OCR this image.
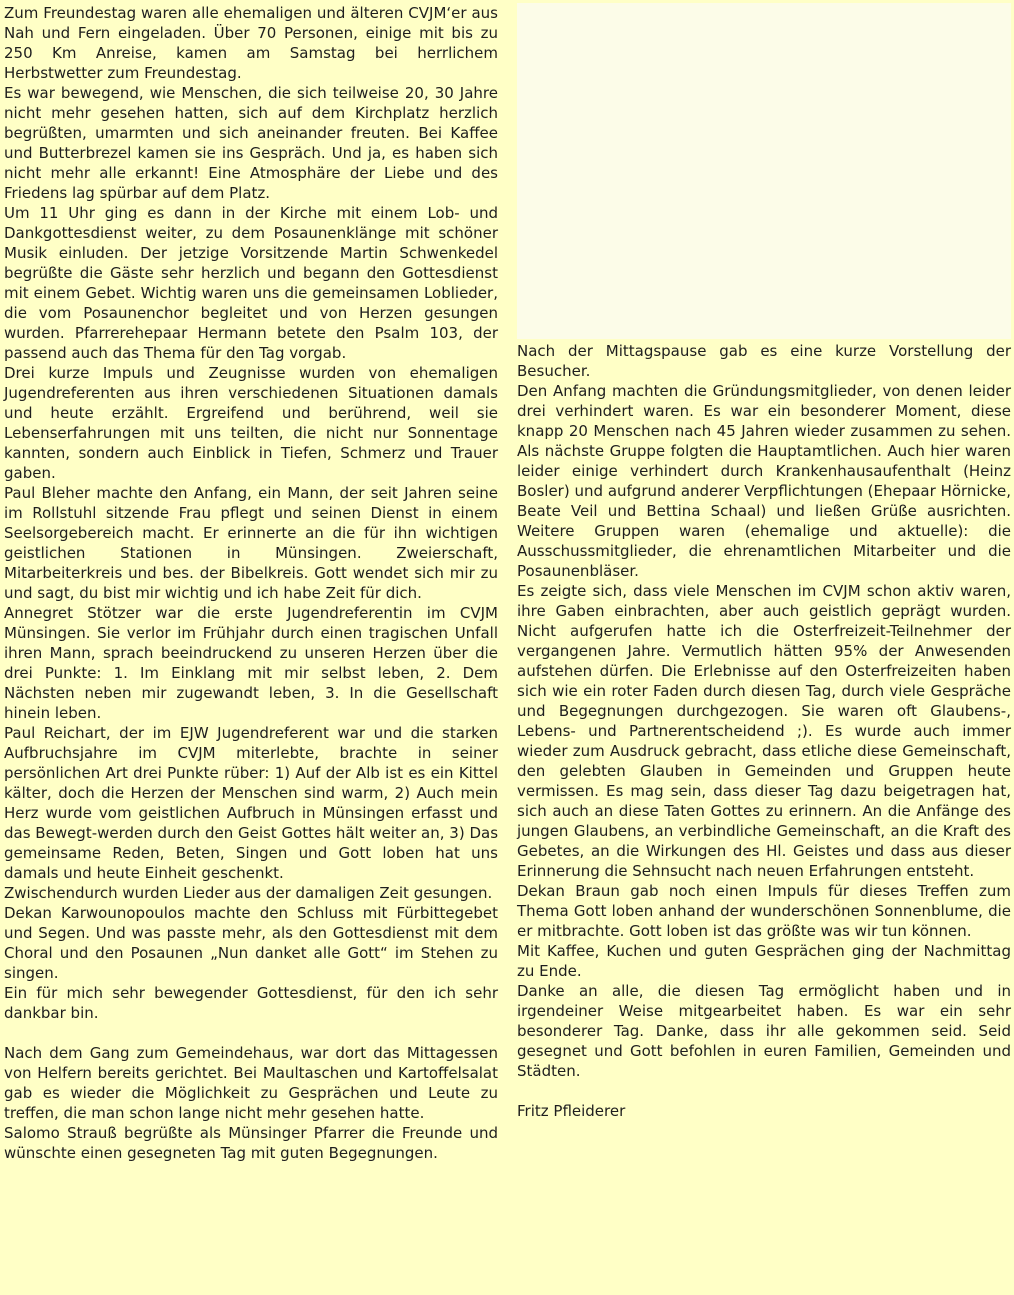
Zum Freundestag waren alle ehemaligen und älteren CVJM‘er aus Nah und Fern eingeladen. Über 70 Personen, einige mit bis zu 250 Km Anreise, kamen am Samstag bei herrlichem Herbstwetter zum Freundestag.

Es war bewegend, wie Menschen, die sich teilweise 20, 30 Jahre nicht mehr gesehen hatten, sich auf dem Kirchplatz herzlich begrüßten, umarmten und sich aneinander freuten. Bei Kaffee und Butterbrezel kamen sie ins Gespräch. Und ja, es haben sich nicht mehr alle erkannt! Eine Atmosphäre der Liebe und des Friedens lag spürbar auf dem Platz.

Um 11 Uhr ging es dann in der Kirche mit einem Lob- und Dankgottesdienst weiter, zu dem Posaunenklänge mit schöner Musik einluden. Der jetzige Vorsitzende Martin Schwenkedel begrüßte die Gäste sehr herzlich und begann den Gottesdienst mit einem Gebet. Wichtig waren uns die gemeinsamen Loblieder, die vom Posaunenchor begleitet und von Herzen gesungen wurden. Pfarrerehepaar Hermann betete den Psalm 103, der passend auch das Thema für den Tag vorgab.

Drei kurze Impuls und Zeugnisse wurden von ehemaligen Jugendreferenten aus ihren verschiedenen Situationen damals und heute erzählt. Ergreifend und berührend, weil sie Lebenserfahrungen mit uns teilten, die nicht nur Sonnentage kannten, sondern auch Einblick in Tiefen, Schmerz und Trauer gaben.

Paul Bleher machte den Anfang, ein Mann, der seit Jahren seine im Rollstuhl sitzende Frau pflegt und seinen Dienst in einem Seelsorgebereich macht. Er erinnerte an die für ihn wichtigen geistlichen Stationen in Münsingen. Zweierschaft, Mitarbeiterkreis und bes. der Bibelkreis. Gott wendet sich mir zu und sagt, du bist mir wichtig und ich habe Zeit für dich.

Annegret Stötzer war die erste Jugendreferentin im CVJM Münsingen. Sie verlor im Frühjahr durch einen tragischen Unfall ihren Mann, sprach beeindruckend zu unseren Herzen über die drei Punkte: 1. Im Einklang mit mir selbst leben, 2. Dem Nächsten neben mir zugewandt leben, 3. In die Gesellschaft hinein leben.

Paul Reichart, der im EJW Jugendreferent war und die starken Aufbruchsjahre im CVJM miterlebte, brachte in seiner persönlichen Art drei Punkte rüber: 1) Auf der Alb ist es ein Kittel kälter, doch die Herzen der Menschen sind warm, 2) Auch mein Herz wurde vom geistlichen Aufbruch in Münsingen erfasst und das Bewegt-werden durch den Geist Gottes hält weiter an, 3) Das gemeinsame Reden, Beten, Singen und Gott loben hat uns damals und heute Einheit geschenkt.

Zwischendurch wurden Lieder aus der damaligen Zeit gesungen.

Dekan Karwounopoulos machte den Schluss mit Fürbittegebet und Segen. Und was passte mehr, als den Gottesdienst mit dem Choral und den Posaunen „Nun danket alle Gott“ im Stehen zu singen.

Ein für mich sehr bewegender Gottesdienst, für den ich sehr dankbar bin.

Nach dem Gang zum Gemeindehaus, war dort das Mittagessen von Helfern bereits gerichtet. Bei Maultaschen und Kartoffelsalat gab es wieder die Möglichkeit zu Gesprächen und Leute zu treffen, die man schon lange nicht mehr gesehen hatte.

Salomo Strauß begrüßte als Münsinger Pfarrer die Freunde und wünschte einen gesegneten Tag mit guten Begegnungen.

Nach der Mittagspause gab es eine kurze Vorstellung der Besucher.

Den Anfang machten die Gründungsmitglieder, von denen leider drei verhindert waren. Es war ein besonderer Moment, diese knapp 20 Menschen nach 45 Jahren wieder zusammen zu sehen. Als nächste Gruppe folgten die Hauptamtlichen. Auch hier waren leider einige verhindert durch Krankenhausaufenthalt (Heinz Bosler) und aufgrund anderer Verpflichtungen (Ehepaar Hörnicke, Beate Veil und Bettina Schaal) und ließen Grüße ausrichten. Weitere Gruppen waren (ehemalige und aktuelle): die Ausschussmitglieder, die ehrenamtlichen Mitarbeiter und die Posaunenbläser.

Es zeigte sich, dass viele Menschen im CVJM schon aktiv waren, ihre Gaben einbrachten, aber auch geistlich geprägt wurden. Nicht aufgerufen hatte ich die Osterfreizeit-Teilnehmer der vergangenen Jahre. Vermutlich hätten 95% der Anwesenden aufstehen dürfen. Die Erlebnisse auf den Osterfreizeiten haben sich wie ein roter Faden durch diesen Tag, durch viele Gespräche und Begegnungen durchgezogen. Sie waren oft Glaubens-, Lebens- und Partnerentscheidend ;). Es wurde auch immer wieder zum Ausdruck gebracht, dass etliche diese Gemeinschaft, den gelebten Glauben in Gemeinden und Gruppen heute vermissen. Es mag sein, dass dieser Tag dazu beigetragen hat, sich auch an diese Taten Gottes zu erinnern. An die Anfänge des jungen Glaubens, an verbindliche Gemeinschaft, an die Kraft des Gebetes, an die Wirkungen des Hl. Geistes und dass aus dieser Erinnerung die Sehnsucht nach neuen Erfahrungen entsteht.

Dekan Braun gab noch einen Impuls für dieses Treffen zum Thema Gott loben anhand der wunderschönen Sonnenblume, die er mitbrachte. Gott loben ist das größte was wir tun können.

Mit Kaffee, Kuchen und guten Gesprächen ging der Nachmittag zu Ende.

Danke an alle, die diesen Tag ermöglicht haben und in irgendeiner Weise mitgearbeitet haben. Es war ein sehr besonderer Tag. Danke, dass ihr alle gekommen seid. Seid gesegnet und Gott befohlen in euren Familien, Gemeinden und Städten.

Fritz Pfleiderer
